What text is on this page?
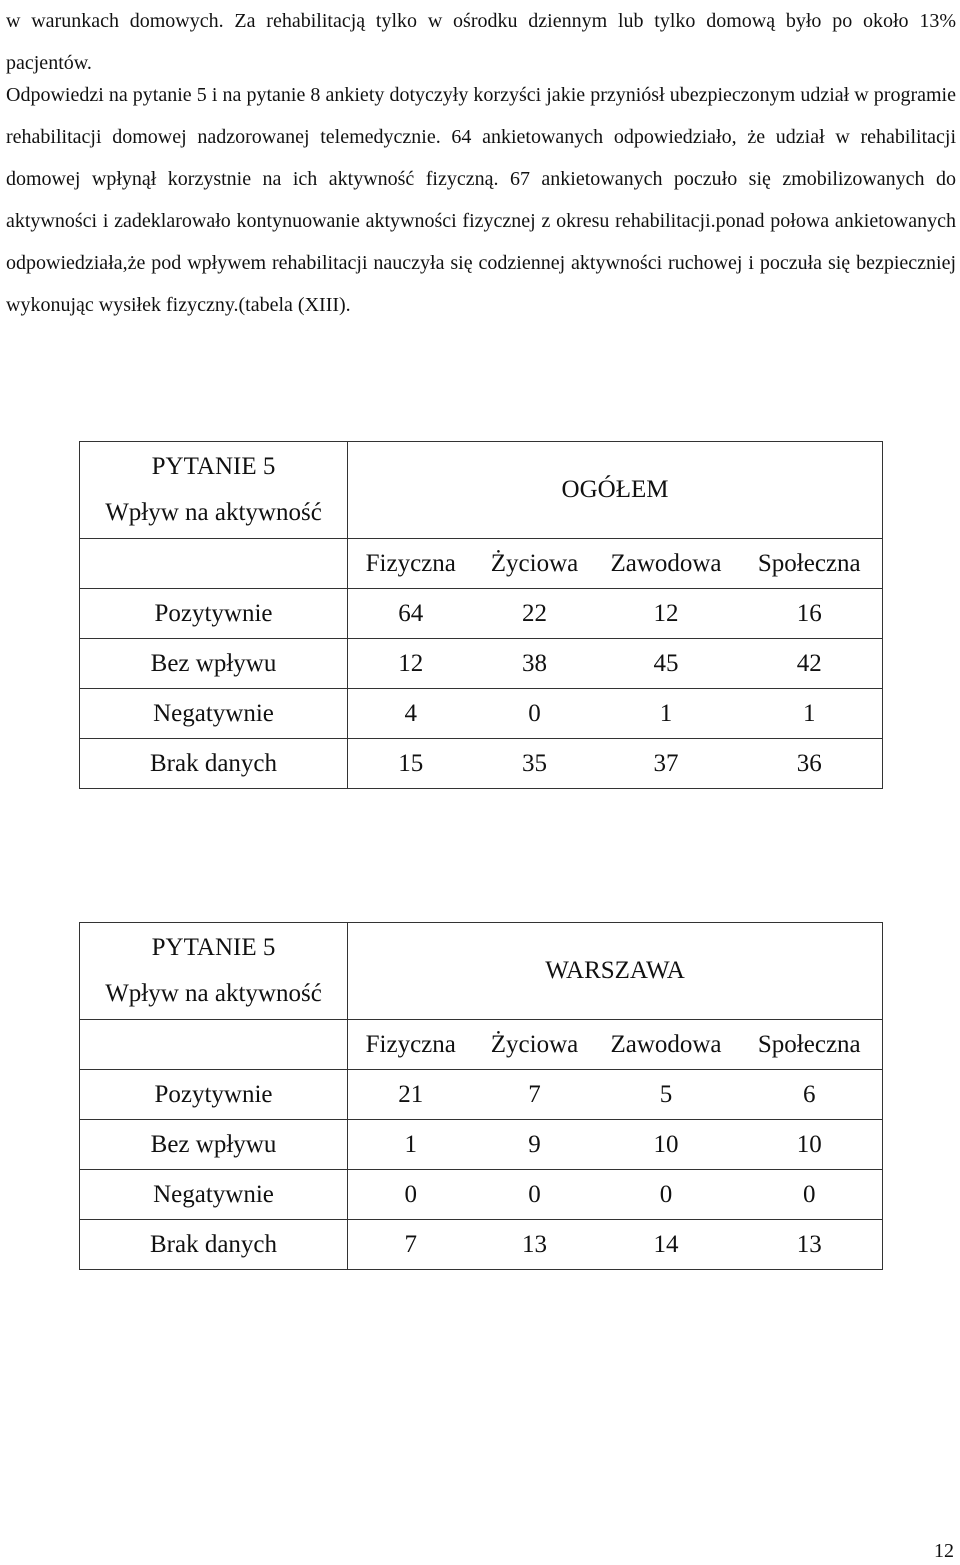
w warunkach domowych. Za rehabilitacją tylko w ośrodku dziennym lub tylko domową było po około 13% pacjentów.

Odpowiedzi na pytanie 5 i na pytanie 8 ankiety dotyczyły korzyści jakie przyniósł ubezpieczonym udział w programie rehabilitacji domowej nadzorowanej telemedycznie. 64 ankietowanych odpowiedziało, że udział w rehabilitacji domowej wpłynął korzystnie na ich aktywność fizyczną. 67 ankietowanych poczuło się zmobilizowanych do aktywności i zadeklarowało kontynuowanie aktywności fizycznej z okresu rehabilitacji.ponad połowa ankietowanych odpowiedziała,że pod wpływem rehabilitacji nauczyła się codziennej aktywności ruchowej i poczuła się bezpieczniej wykonując wysiłek fizyczny.(tabela (XIII).

PYTANIE 5
Wpływ na aktywność	OGÓŁEM			
	Fizyczna	Życiowa	Zawodowa	Społeczna
Pozytywnie	64	22	12	16
Bez wpływu	12	38	45	42
Negatywnie	4	0	1	1
Brak danych	15	35	37	36
PYTANIE 5
Wpływ na aktywność	WARSZAWA			
	Fizyczna	Życiowa	Zawodowa	Społeczna
Pozytywnie	21	7	5	6
Bez wpływu	1	9	10	10
Negatywnie	0	0	0	0
Brak danych	7	13	14	13
12
